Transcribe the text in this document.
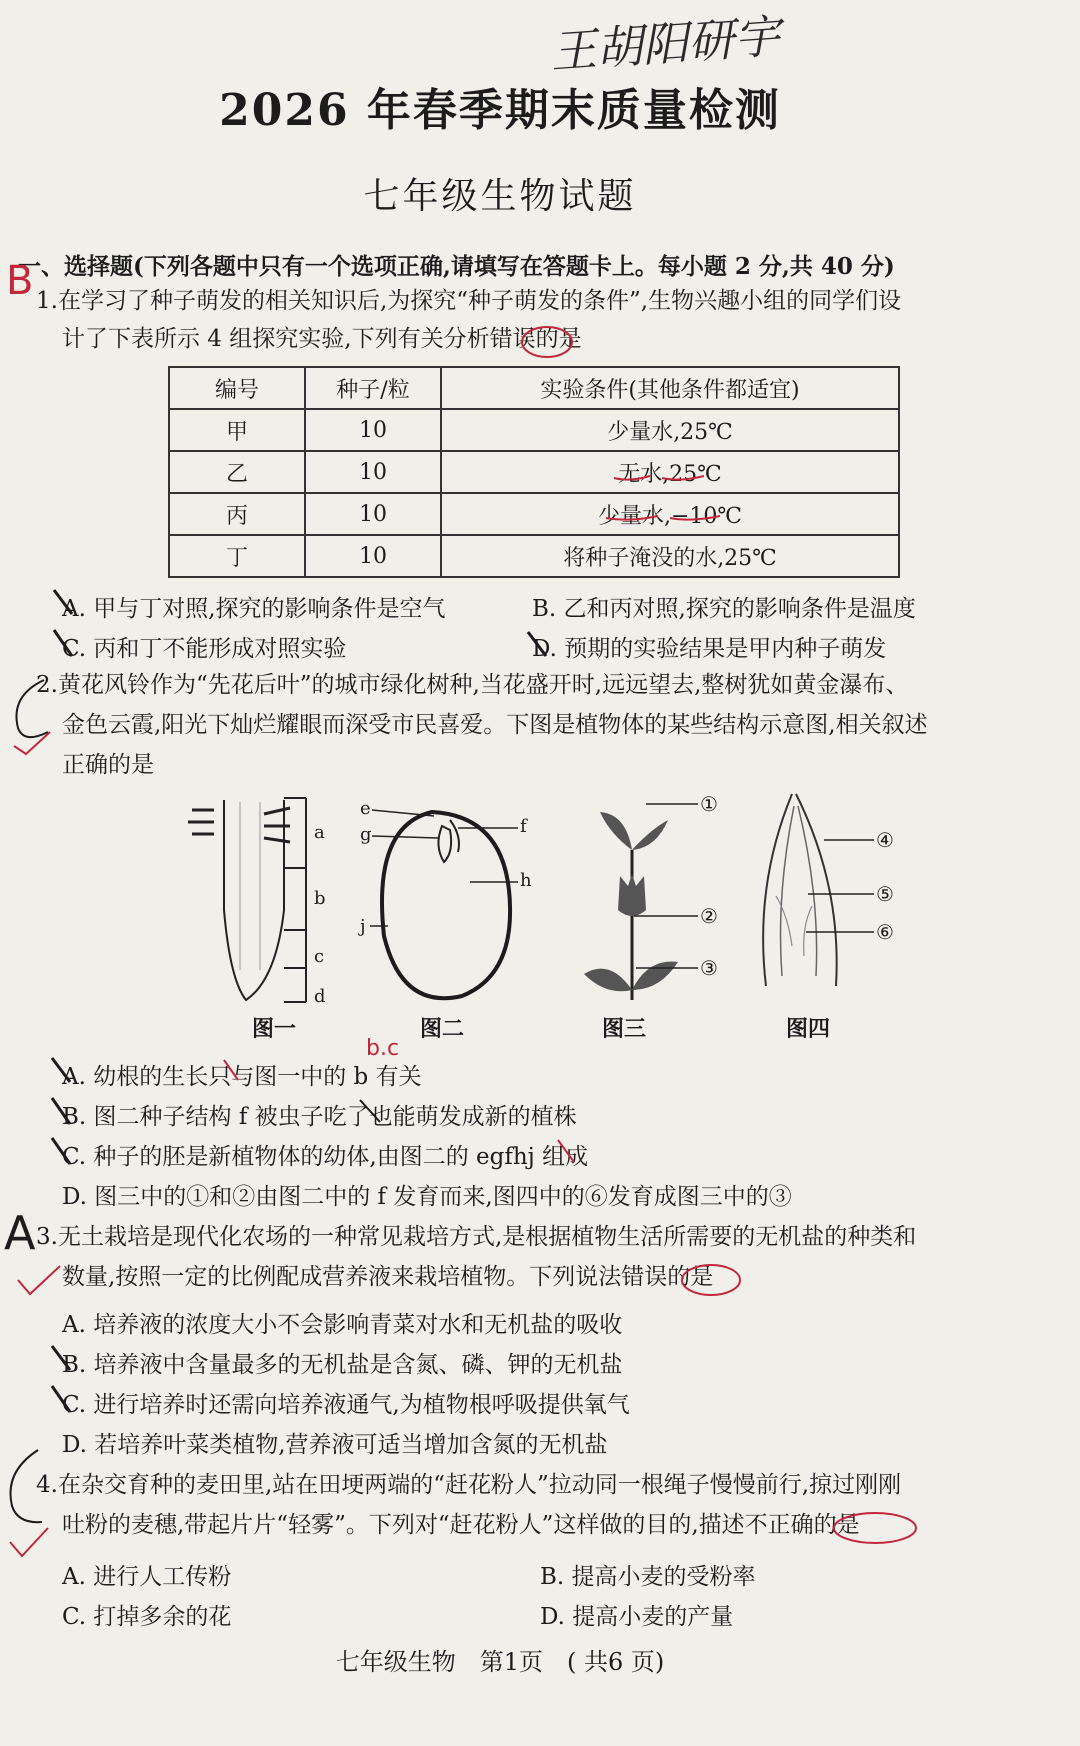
王胡阳研宇
2026 年春季期末质量检测
七年级生物试题
一、选择题(下列各题中只有一个选项正确,请填写在答题卡上。每小题 2 分,共 40 分)
B 1.在学习了种子萌发的相关知识后,为探究“种子萌发的条件”,生物兴趣小组的同学们设
计了下表所示 4 组探究实验,下列有关分析错误的是
编号	种子/粒	实验条件(其他条件都适宜)
甲	10	少量水,25℃
乙	10	无水,25℃
丙	10	少量水,−10℃
丁	10	将种子淹没的水,25℃
A. 甲与丁对照,探究的影响条件是空气	B. 乙和丙对照,探究的影响条件是温度
C. 丙和丁不能形成对照实验	D. 预期的实验结果是甲内种子萌发
2.黄花风铃作为“先花后叶”的城市绿化树种,当花盛开时,远远望去,整树犹如黄金瀑布、
金色云霞,阳光下灿烂耀眼而深受市民喜爱。下图是植物体的某些结构示意图,相关叙述
正确的是
a
b
c
d
e
g	f
h
j
①
②
③
④
⑤
⑥
图一	图二	图三	图四
b.c
A. 幼根的生长只与图一中的 b 有关
B. 图二种子结构 f 被虫子吃了也能萌发成新的植株
C. 种子的胚是新植物体的幼体,由图二的 egfhj 组成
D. 图三中的①和②由图二中的 f 发育而来,图四中的⑥发育成图三中的③
A 3.无土栽培是现代化农场的一种常见栽培方式,是根据植物生活所需要的无机盐的种类和
数量,按照一定的比例配成营养液来栽培植物。下列说法错误的是
A. 培养液的浓度大小不会影响青菜对水和无机盐的吸收
B. 培养液中含量最多的无机盐是含氮、磷、钾的无机盐
C. 进行培养时还需向培养液通气,为植物根呼吸提供氧气
D. 若培养叶菜类植物,营养液可适当增加含氮的无机盐
4.在杂交育种的麦田里,站在田埂两端的“赶花粉人”拉动同一根绳子慢慢前行,掠过刚刚
吐粉的麦穗,带起片片“轻雾”。下列对“赶花粉人”这样做的目的,描述不正确的是
A. 进行人工传粉	B. 提高小麦的受粉率
C. 打掉多余的花	D. 提高小麦的产量
七年级生物　第1页　( 共6 页)
